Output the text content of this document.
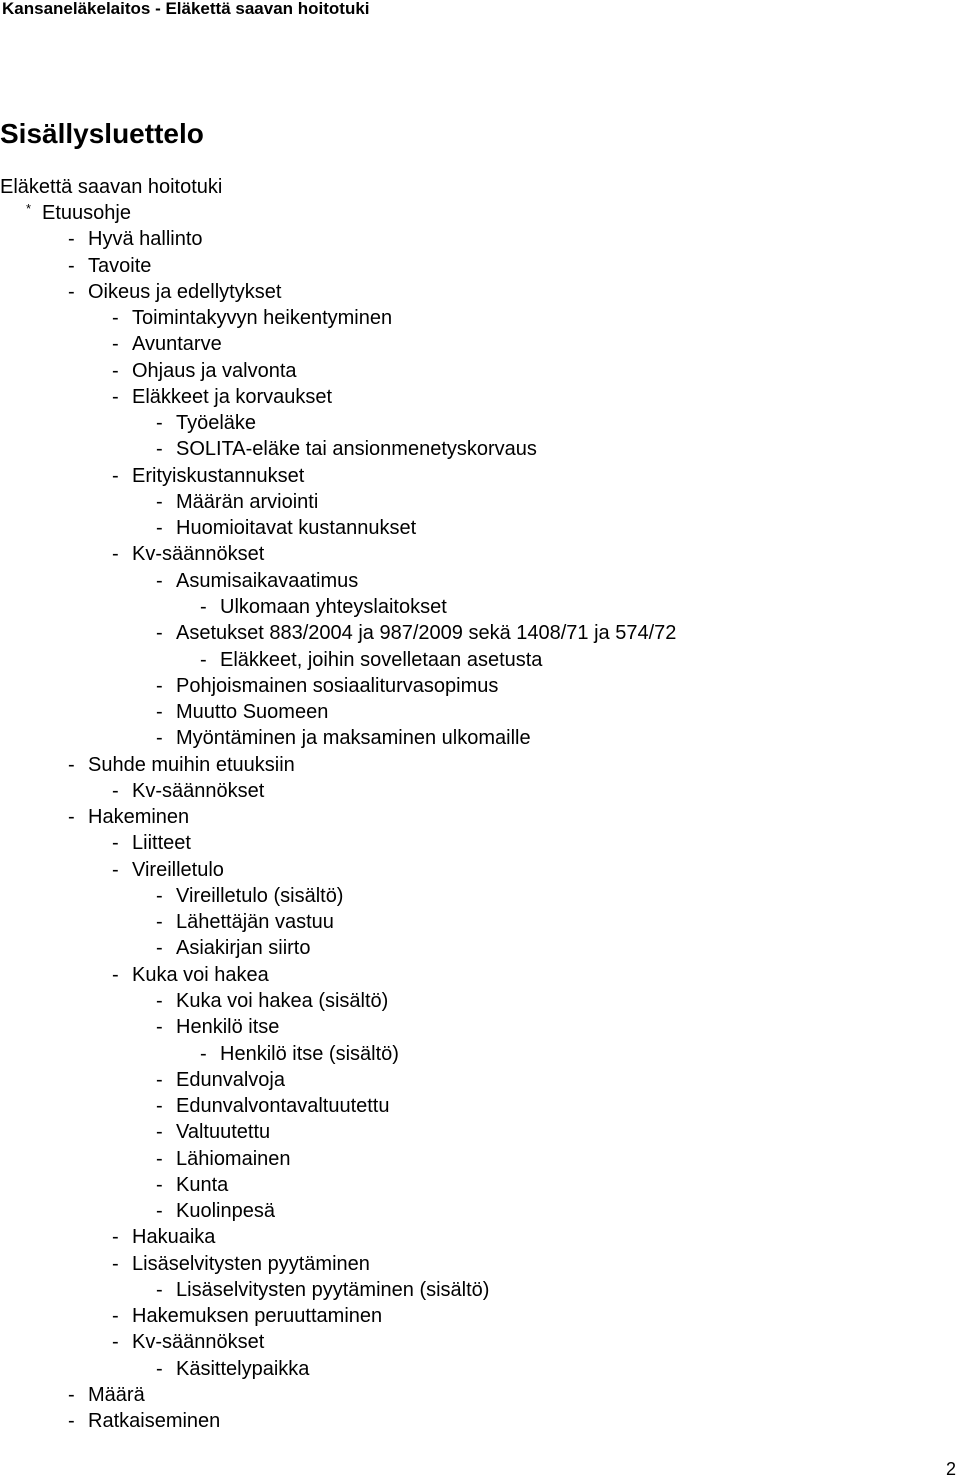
Kansaneläkelaitos - Eläkettä saavan hoitotuki
Sisällysluettelo
Eläkettä saavan hoitotuki
* Etuusohje
- Hyvä hallinto
- Tavoite
- Oikeus ja edellytykset
- Toimintakyvyn heikentyminen
- Avuntarve
- Ohjaus ja valvonta
- Eläkkeet ja korvaukset
- Työeläke
- SOLITA-eläke tai ansionmenetyskorvaus
- Erityiskustannukset
- Määrän arviointi
- Huomioitavat kustannukset
- Kv-säännökset
- Asumisaikavaatimus
- Ulkomaan yhteyslaitokset
- Asetukset 883/2004 ja 987/2009 sekä 1408/71 ja 574/72
- Eläkkeet, joihin sovelletaan asetusta
- Pohjoismainen sosiaaliturvasopimus
- Muutto Suomeen
- Myöntäminen ja maksaminen ulkomaille
- Suhde muihin etuuksiin
- Kv-säännökset
- Hakeminen
- Liitteet
- Vireilletulo
- Vireilletulo (sisältö)
- Lähettäjän vastuu
- Asiakirjan siirto
- Kuka voi hakea
- Kuka voi hakea (sisältö)
- Henkilö itse
- Henkilö itse (sisältö)
- Edunvalvoja
- Edunvalvontavaltuutettu
- Valtuutettu
- Lähiomainen
- Kunta
- Kuolinpesä
- Hakuaika
- Lisäselvitysten pyytäminen
- Lisäselvitysten pyytäminen (sisältö)
- Hakemuksen peruuttaminen
- Kv-säännökset
- Käsittelypaikka
- Määrä
- Ratkaiseminen
2
